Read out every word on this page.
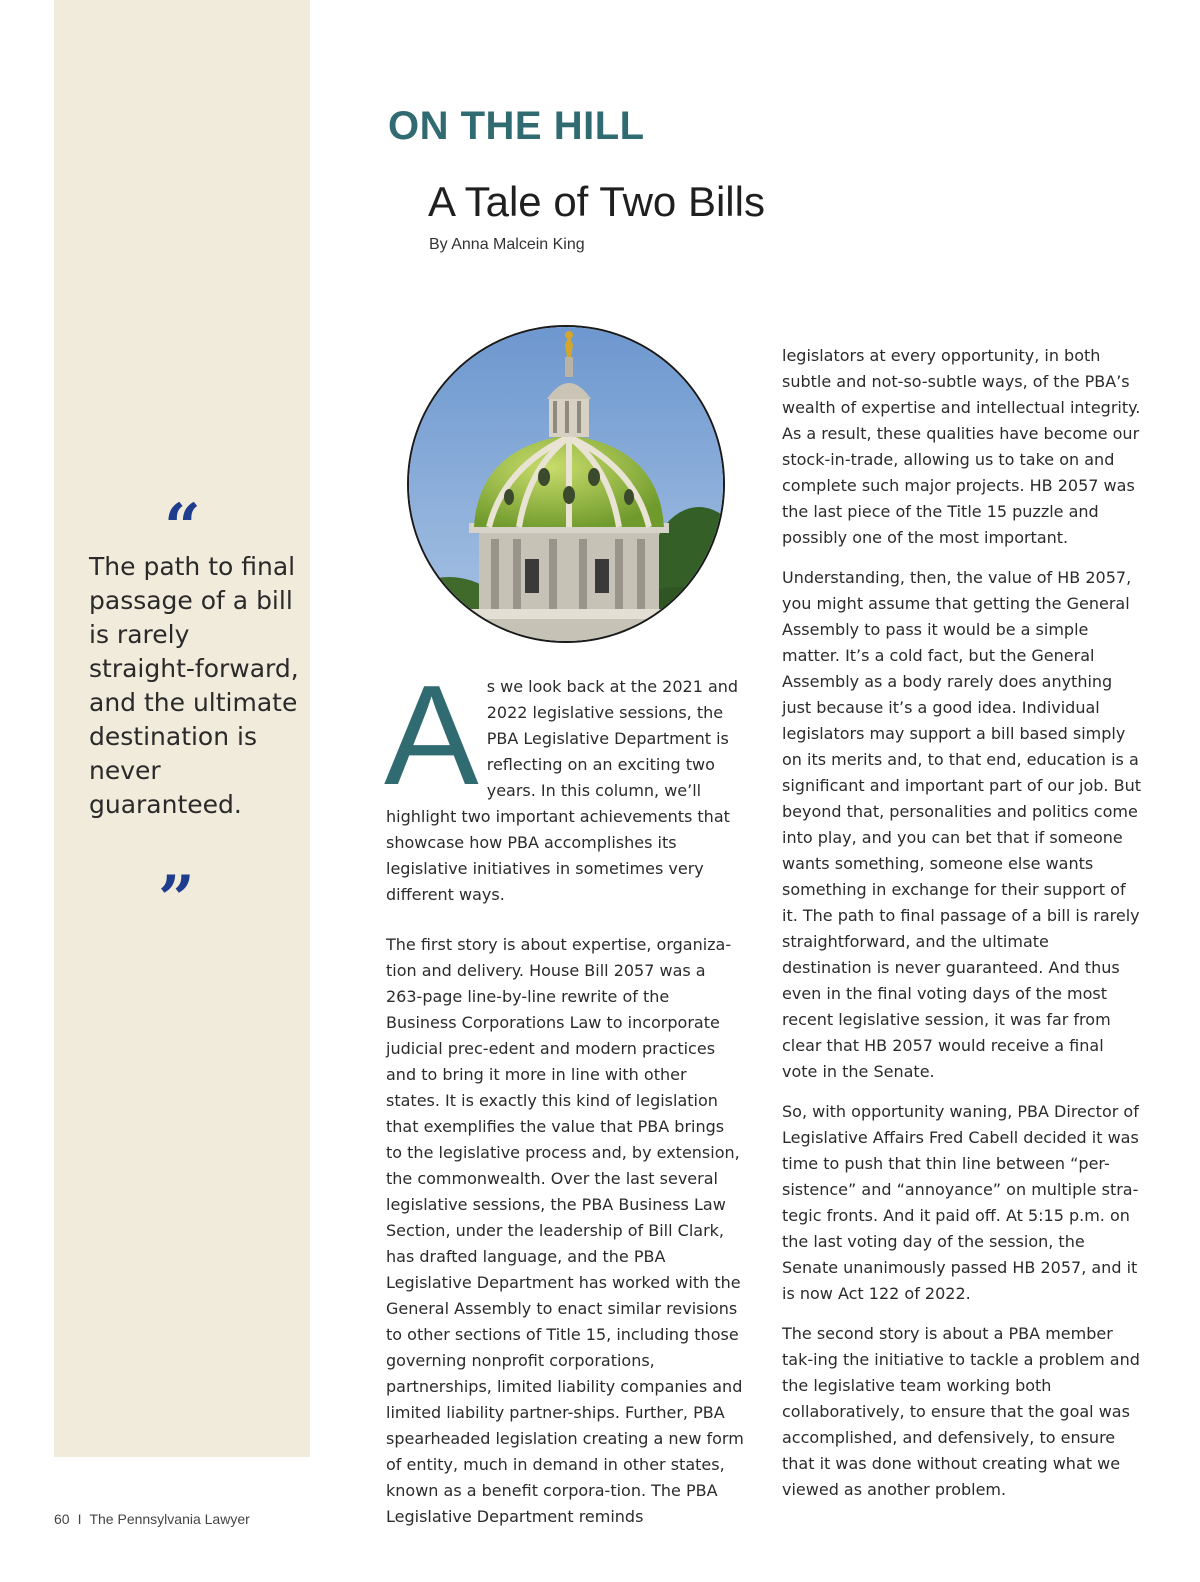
“
The path to final passage of a bill is rarely straight-forward, and the ultimate destination is never guaranteed.
”
ON THE HILL
A Tale of Two Bills
By Anna Malcein King

As we look back at the 2021 and 2022 legislative sessions, the PBA Legislative Department is reflecting on an exciting two years. In this column, we’ll highlight two important achievements that showcase how PBA accomplishes its legislative initiatives in sometimes very different ways.

The first story is about expertise, organiza-tion and delivery. House Bill 2057 was a 263-page line-by-line rewrite of the Business Corporations Law to incorporate judicial prec-edent and modern practices and to bring it more in line with other states. It is exactly this kind of legislation that exemplifies the value that PBA brings to the legislative process and, by extension, the commonwealth. Over the last several legislative sessions, the PBA Business Law Section, under the leadership of Bill Clark, has drafted language, and the PBA Legislative Department has worked with the General Assembly to enact similar revisions to other sections of Title 15, including those governing nonprofit corporations, partnerships, limited liability companies and limited liability partner-ships. Further, PBA spearheaded legislation creating a new form of entity, much in demand in other states, known as a benefit corpora-tion. The PBA Legislative Department reminds

legislators at every opportunity, in both subtle and not-so-subtle ways, of the PBA’s wealth of expertise and intellectual integrity. As a result, these qualities have become our stock-in-trade, allowing us to take on and complete such major projects. HB 2057 was the last piece of the Title 15 puzzle and possibly one of the most important.

Understanding, then, the value of HB 2057, you might assume that getting the General Assembly to pass it would be a simple matter. It’s a cold fact, but the General Assembly as a body rarely does anything just because it’s a good idea. Individual legislators may support a bill based simply on its merits and, to that end, education is a significant and important part of our job. But beyond that, personalities and politics come into play, and you can bet that if someone wants something, someone else wants something in exchange for their support of it. The path to final passage of a bill is rarely straightforward, and the ultimate destination is never guaranteed. And thus even in the final voting days of the most recent legislative session, it was far from clear that HB 2057 would receive a final vote in the Senate.

So, with opportunity waning, PBA Director of Legislative Affairs Fred Cabell decided it was time to push that thin line between “per-sistence” and “annoyance” on multiple stra-tegic fronts. And it paid off. At 5:15 p.m. on the last voting day of the session, the Senate unanimously passed HB 2057, and it is now Act 122 of 2022.

The second story is about a PBA member tak-ing the initiative to tackle a problem and the legislative team working both collaboratively, to ensure that the goal was accomplished, and defensively, to ensure that it was done without creating what we viewed as another problem.

60 I The Pennsylvania Lawyer
